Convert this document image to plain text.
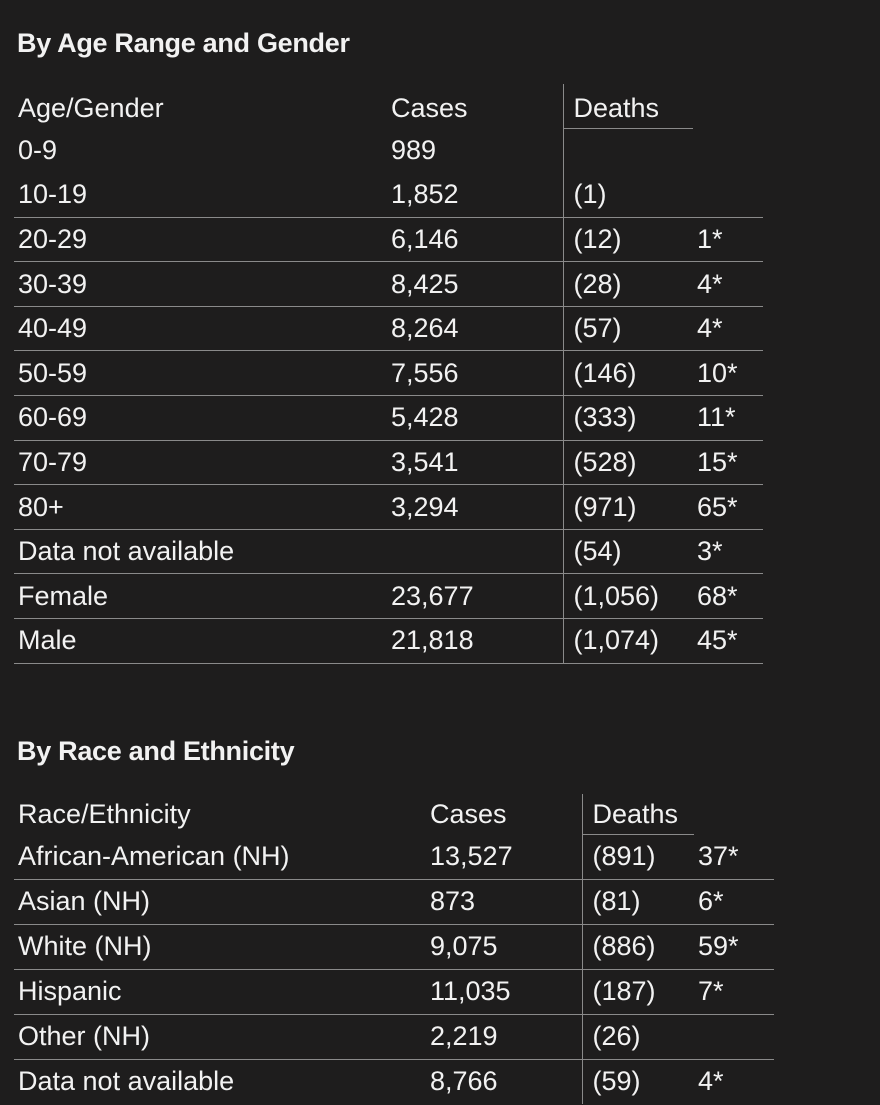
By Age Range and Gender
Age/Gender	Cases	Deaths	
0-9	989		
10-19	1,852	(1)	
20-29	6,146	(12)	1*
30-39	8,425	(28)	4*
40-49	8,264	(57)	4*
50-59	7,556	(146)	10*
60-69	5,428	(333)	11*
70-79	3,541	(528)	15*
80+	3,294	(971)	65*
Data not available		(54)	3*
Female	23,677	(1,056)	68*
Male	21,818	(1,074)	45*
By Race and Ethnicity
Race/Ethnicity	Cases	Deaths	
African-American (NH)	13,527	(891)	37*
Asian (NH)	873	(81)	6*
White (NH)	9,075	(886)	59*
Hispanic	11,035	(187)	7*
Other (NH)	2,219	(26)	
Data not available	8,766	(59)	4*
